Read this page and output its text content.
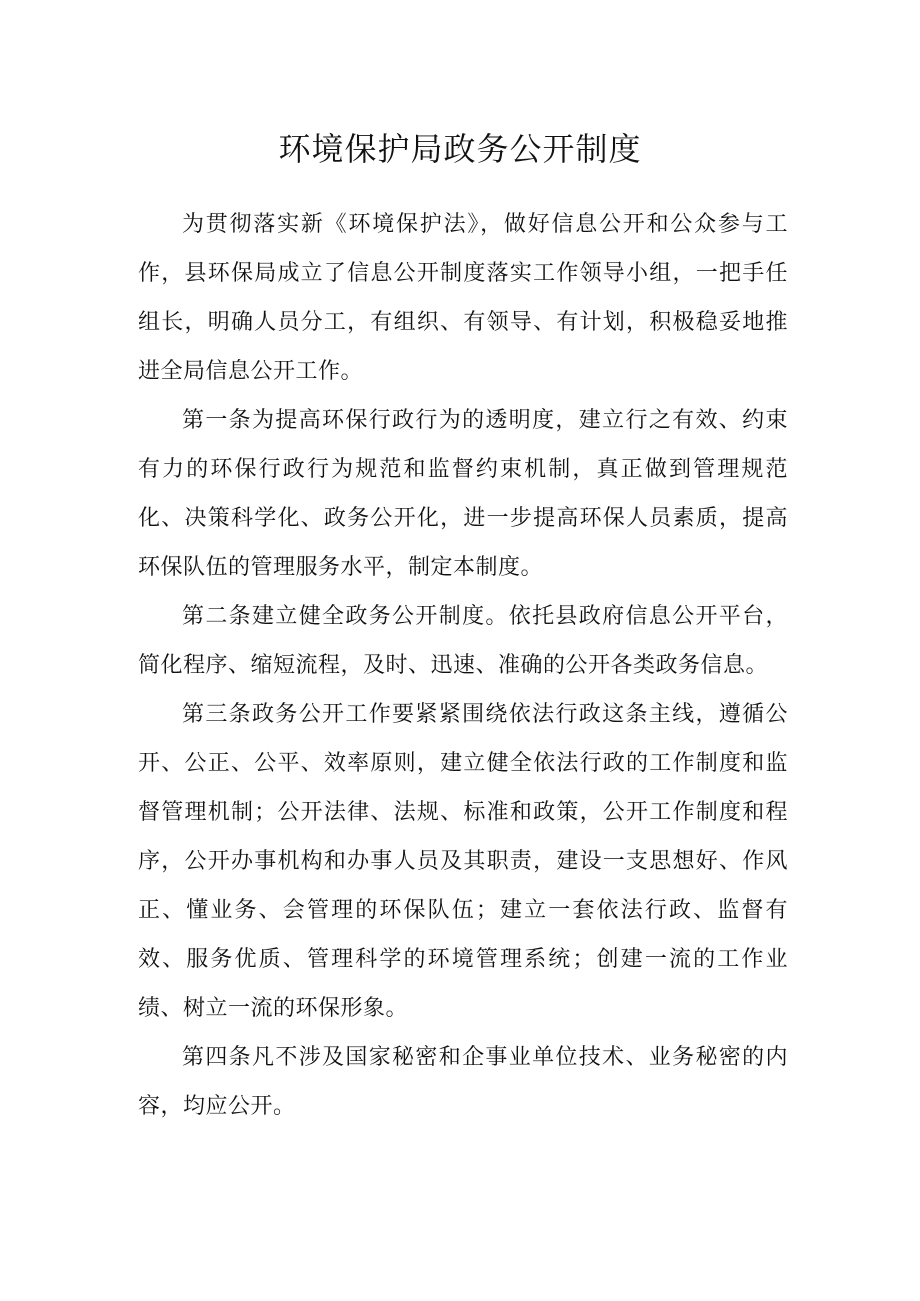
环境保护局政务公开制度

为贯彻落实新《环境保护法》，做好信息公开和公众参与工作，县环保局成立了信息公开制度落实工作领导小组，一把手任组长，明确人员分工，有组织、有领导、有计划，积极稳妥地推进全局信息公开工作。

第一条为提高环保行政行为的透明度，建立行之有效、约束有力的环保行政行为规范和监督约束机制，真正做到管理规范化、决策科学化、政务公开化，进一步提高环保人员素质，提高环保队伍的管理服务水平，制定本制度。

第二条建立健全政务公开制度。依托县政府信息公开平台，简化程序、缩短流程，及时、迅速、准确的公开各类政务信息。

第三条政务公开工作要紧紧围绕依法行政这条主线，遵循公开、公正、公平、效率原则，建立健全依法行政的工作制度和监督管理机制；公开法律、法规、标准和政策，公开工作制度和程序，公开办事机构和办事人员及其职责，建设一支思想好、作风正、懂业务、会管理的环保队伍；建立一套依法行政、监督有效、服务优质、管理科学的环境管理系统；创建一流的工作业绩、树立一流的环保形象。

第四条凡不涉及国家秘密和企事业单位技术、业务秘密的内容，均应公开。
